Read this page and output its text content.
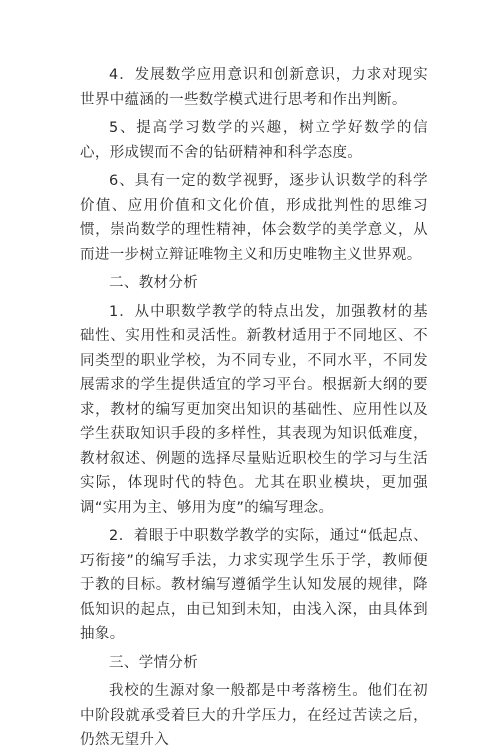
4．发展数学应用意识和创新意识，力求对现实世界中蕴涵的一些数学模式进行思考和作出判断。

5、提高学习数学的兴趣，树立学好数学的信心，形成锲而不舍的钻研精神和科学态度。

6、具有一定的数学视野，逐步认识数学的科学价值、应用价值和文化价值，形成批判性的思维习惯，崇尚数学的理性精神，体会数学的美学意义，从而进一步树立辩证唯物主义和历史唯物主义世界观。

二、教材分析

1．从中职数学教学的特点出发，加强教材的基础性、实用性和灵活性。新教材适用于不同地区、不同类型的职业学校，为不同专业，不同水平，不同发展需求的学生提供适宜的学习平台。根据新大纲的要求，教材的编写更加突出知识的基础性、应用性以及学生获取知识手段的多样性，其表现为知识低难度，教材叙述、例题的选择尽量贴近职校生的学习与生活实际，体现时代的特色。尤其在职业模块，更加强调“实用为主、够用为度”的编写理念。

2．着眼于中职数学教学的实际，通过“低起点、巧衔接”的编写手法，力求实现学生乐于学，教师便于教的目标。教材编写遵循学生认知发展的规律，降低知识的起点，由已知到未知，由浅入深，由具体到抽象。

三、学情分析

我校的生源对象一般都是中考落榜生。他们在初中阶段就承受着巨大的升学压力，在经过苦读之后，仍然无望升入
